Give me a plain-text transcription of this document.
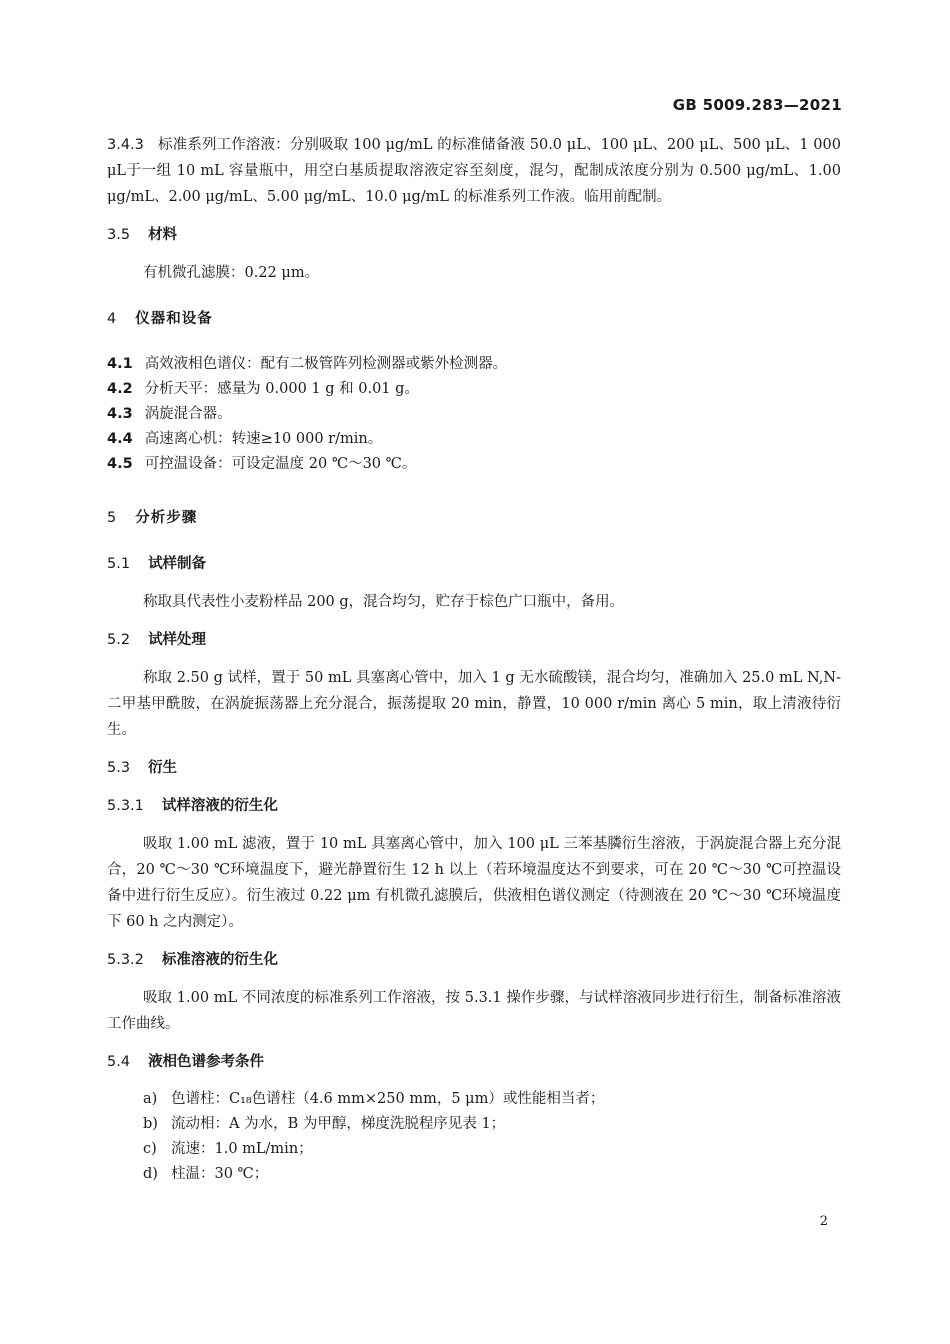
GB 5009.283—2021

3.4.3 标准系列工作溶液：分别吸取 100 μg/mL 的标准储备液 50.0 μL、100 μL、200 μL、500 μL、1 000 μL于一组 10 mL 容量瓶中，用空白基质提取溶液定容至刻度，混匀，配制成浓度分别为 0.500 μg/mL、1.00 μg/mL、2.00 μg/mL、5.00 μg/mL、10.0 μg/mL 的标准系列工作液。临用前配制。

3.5 材料

有机微孔滤膜：0.22 μm。

4 仪器和设备

4.1 高效液相色谱仪：配有二极管阵列检测器或紫外检测器。

4.2 分析天平：感量为 0.000 1 g 和 0.01 g。

4.3 涡旋混合器。

4.4 高速离心机：转速≥10 000 r/min。

4.5 可控温设备：可设定温度 20 ℃～30 ℃。

5 分析步骤

5.1 试样制备

称取具代表性小麦粉样品 200 g，混合均匀，贮存于棕色广口瓶中，备用。

5.2 试样处理

称取 2.50 g 试样，置于 50 mL 具塞离心管中，加入 1 g 无水硫酸镁，混合均匀，准确加入 25.0 mL N,N-二甲基甲酰胺，在涡旋振荡器上充分混合，振荡提取 20 min，静置，10 000 r/min 离心 5 min，取上清液待衍生。

5.3 衍生

5.3.1 试样溶液的衍生化

吸取 1.00 mL 滤液，置于 10 mL 具塞离心管中，加入 100 μL 三苯基膦衍生溶液，于涡旋混合器上充分混合，20 ℃～30 ℃环境温度下，避光静置衍生 12 h 以上（若环境温度达不到要求，可在 20 ℃～30 ℃可控温设备中进行衍生反应）。衍生液过 0.22 μm 有机微孔滤膜后，供液相色谱仪测定（待测液在 20 ℃～30 ℃环境温度下 60 h 之内测定）。

5.3.2 标准溶液的衍生化

吸取 1.00 mL 不同浓度的标准系列工作溶液，按 5.3.1 操作步骤，与试样溶液同步进行衍生，制备标准溶液工作曲线。

5.4 液相色谱参考条件

a) 色谱柱：C₁₈色谱柱（4.6 mm×250 mm，5 μm）或性能相当者；

b) 流动相：A 为水，B 为甲醇，梯度洗脱程序见表 1；

c) 流速：1.0 mL/min；

d) 柱温：30 ℃；

2
